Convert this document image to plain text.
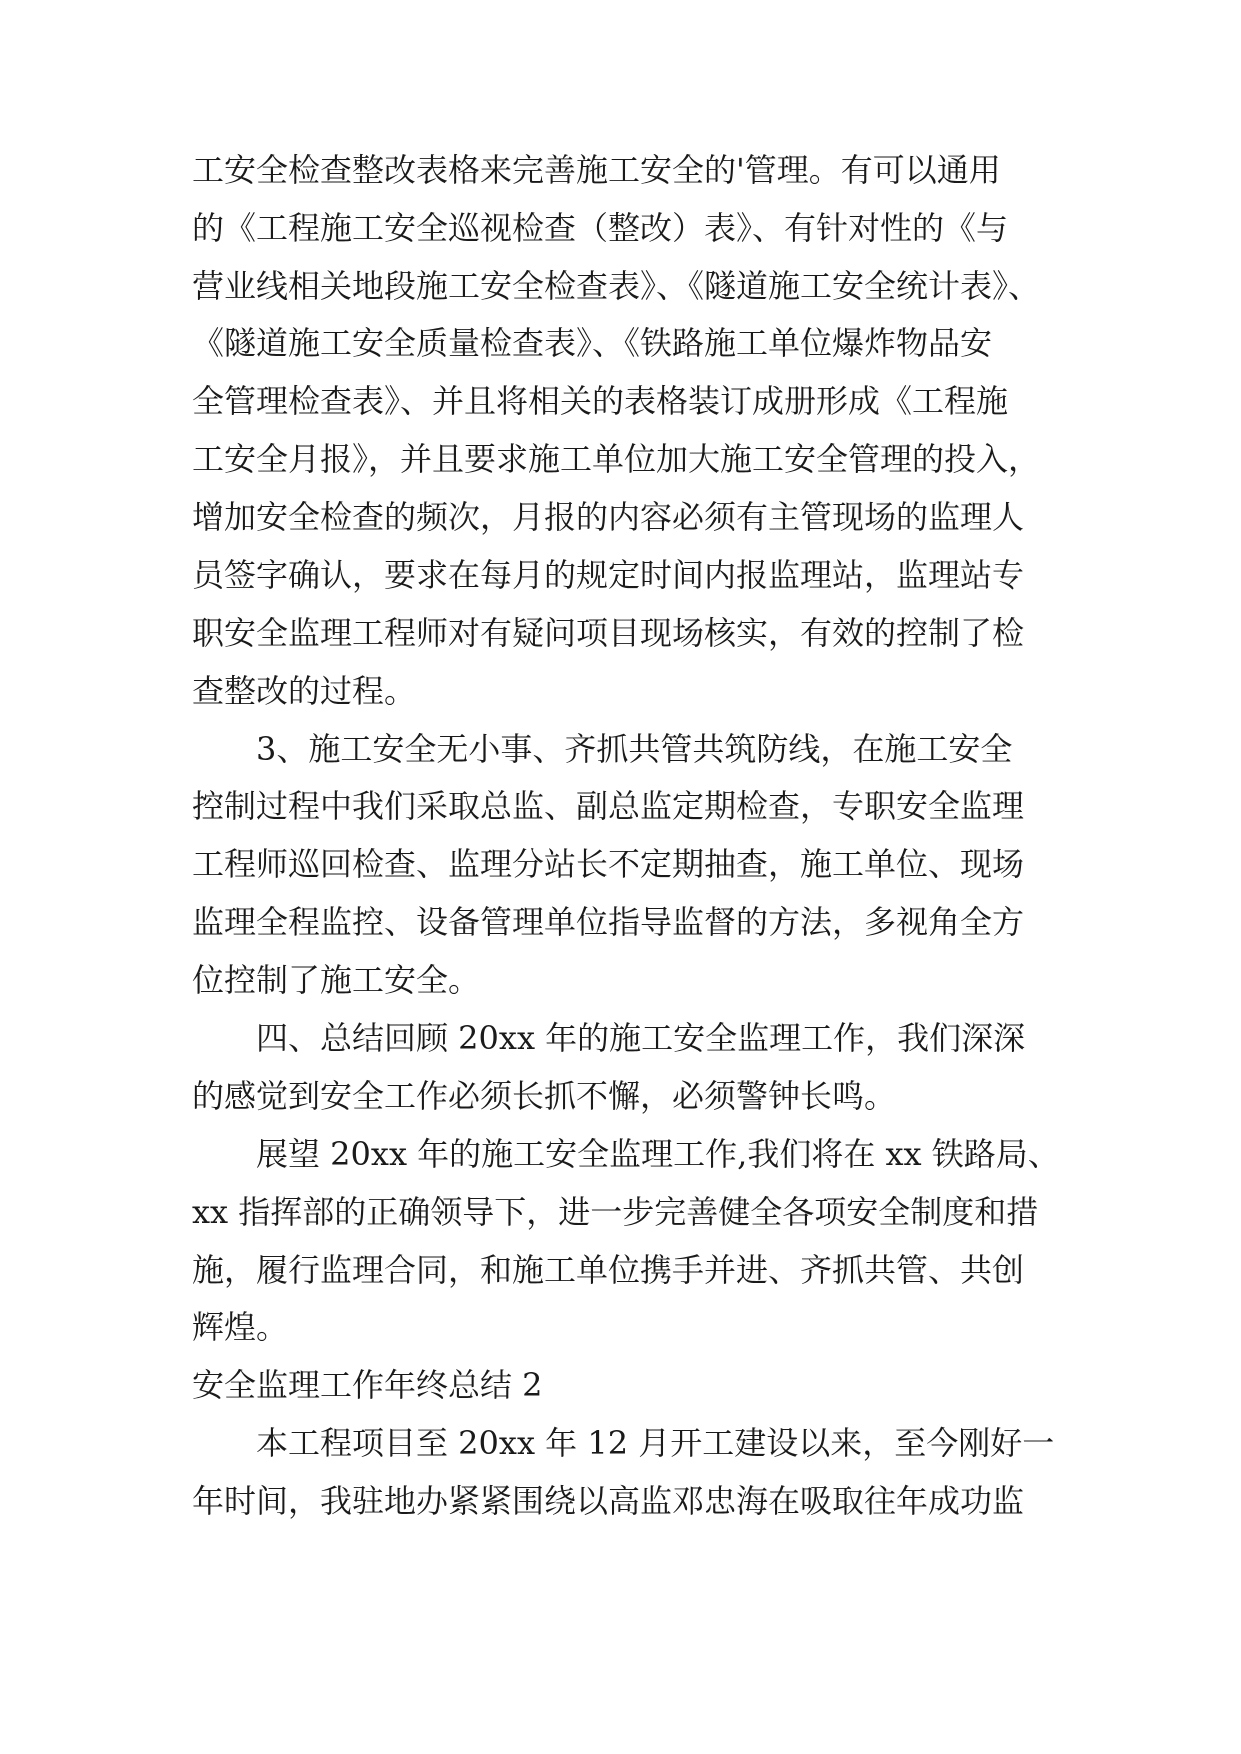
工安全检查整改表格来完善施工安全的'管理。有可以通用

的《工程施工安全巡视检查（整改）表》、有针对性的《与

营业线相关地段施工安全检查表》、《隧道施工安全统计表》、

《隧道施工安全质量检查表》、《铁路施工单位爆炸物品安

全管理检查表》、并且将相关的表格装订成册形成《工程施

工安全月报》，并且要求施工单位加大施工安全管理的投入，

增加安全检查的频次，月报的内容必须有主管现场的监理人

员签字确认，要求在每月的规定时间内报监理站，监理站专

职安全监理工程师对有疑问项目现场核实，有效的控制了检

查整改的过程。

3、施工安全无小事、齐抓共管共筑防线，在施工安全

控制过程中我们采取总监、副总监定期检查，专职安全监理

工程师巡回检查、监理分站长不定期抽查，施工单位、现场

监理全程监控、设备管理单位指导监督的方法，多视角全方

位控制了施工安全。

四、总结回顾 20xx 年的施工安全监理工作，我们深深

的感觉到安全工作必须长抓不懈，必须警钟长鸣。

展望 20xx 年的施工安全监理工作,我们将在 xx 铁路局、

xx 指挥部的正确领导下，进一步完善健全各项安全制度和措

施，履行监理合同，和施工单位携手并进、齐抓共管、共创

辉煌。

安全监理工作年终总结 2

本工程项目至 20xx 年 12 月开工建设以来，至今刚好一

年时间，我驻地办紧紧围绕以高监邓忠海在吸取往年成功监
